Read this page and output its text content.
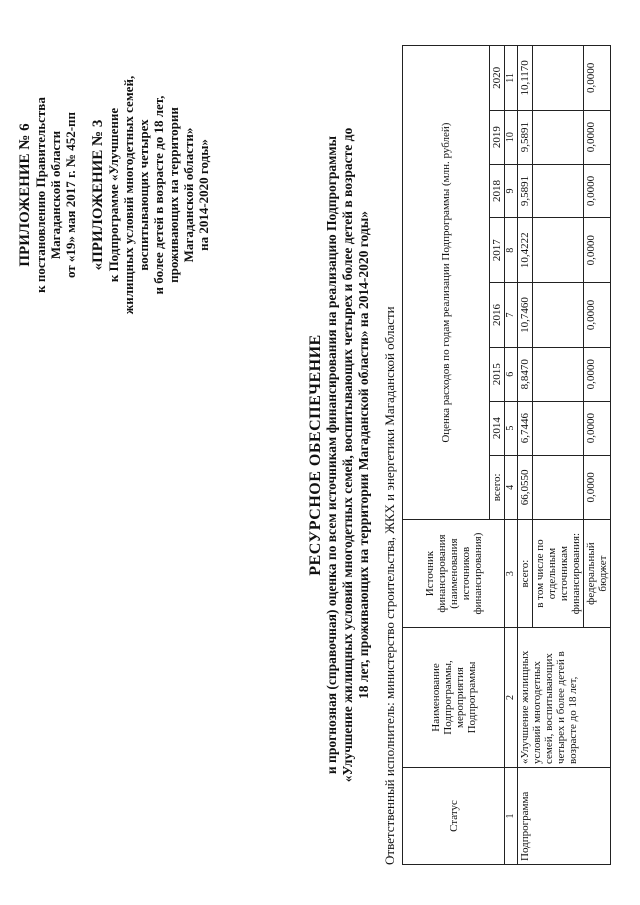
ПРИЛОЖЕНИЕ № 6 к постановлению Правительства Магаданской области от «19» мая 2017 г. № 452-пп «ПРИЛОЖЕНИЕ № 3 к Подпрограмме «Улучшение жилищных условий многодетных семей, воспитывающих четырех и более детей в возрасте до 18 лет, проживающих на территории Магаданской области» на 2014-2020 годы»
РЕСУРСНОЕ ОБЕСПЕЧЕНИЕ и прогнозная (справочная) оценка по всем источникам финансирования на реализацию Подпрограммы «Улучшение жилищных условий многодетных семей, воспитывающих четырех и более детей в возрасте до 18 лет, проживающих на территории Магаданской области» на 2014-2020 годы» Ответственный исполнитель: министерство строительства, ЖКХ и энергетики Магаданской области	Статус	Наименование Подпрограммы, мероприятия Подпрограммы	Источник финансирования (наименования источников финансирования)	Оценка расходов по годам реализации Подпрограммы (млн. рублей)							
			всего:	2014	2015	2016	2017	2018	2019	2020
1	2	3	4	5	6	7	8	9	10	11
Подпрограмма	«Улучшение жилищных условий многодетных семей, воспитывающих четырех и более детей в возрасте до 18 лет,	всего:	66,0550	6,7446	8,8470	10,7460	10,4222	9,5891	9,5891	10,1170
		в том числе по отдельным источникам финансирования:								
		федеральный бюджет	0,0000	0,0000	0,0000	0,0000	0,0000	0,0000	0,0000	0,0000
